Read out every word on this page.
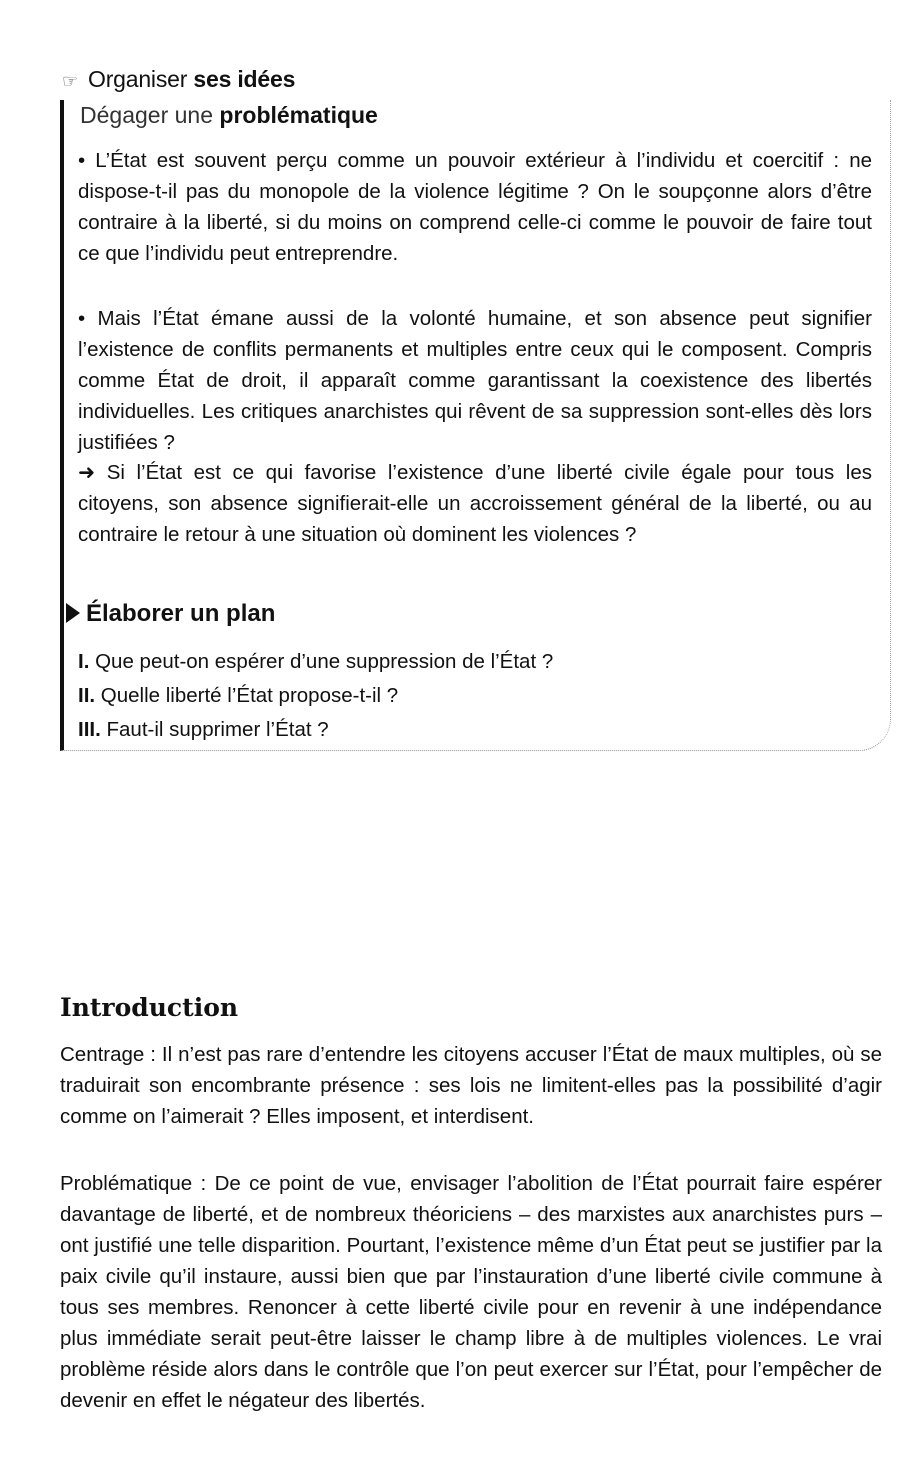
☞ Organiser ses idées
Dégager une problématique

• L’État est souvent perçu comme un pouvoir extérieur à l’individu et coercitif : ne dispose-t-il pas du monopole de la violence légitime ? On le soupçonne alors d’être contraire à la liberté, si du moins on comprend celle-ci comme le pouvoir de faire tout ce que l’individu peut entreprendre.

• Mais l’État émane aussi de la volonté humaine, et son absence peut signifier l’existence de conflits permanents et multiples entre ceux qui le composent. Compris comme État de droit, il apparaît comme garantissant la coexistence des libertés individuelles. Les critiques anarchistes qui rêvent de sa suppression sont-elles dès lors justifiées ?

➜ Si l’État est ce qui favorise l’existence d’une liberté civile égale pour tous les citoyens, son absence signifierait-elle un accroissement général de la liberté, ou au contraire le retour à une situation où dominent les violences ?

Élaborer un plan
I. Que peut-on espérer d’une suppression de l’État ?
II. Quelle liberté l’État propose-t-il ?
III. Faut-il supprimer l’État ?
Introduction

Centrage : Il n’est pas rare d’entendre les citoyens accuser l’État de maux multiples, où se traduirait son encombrante présence : ses lois ne limitent-elles pas la possibilité d’agir comme on l’aimerait ? Elles imposent, et interdisent.

Problématique : De ce point de vue, envisager l’abolition de l’État pourrait faire espérer davantage de liberté, et de nombreux théoriciens – des marxistes aux anarchistes purs – ont justifié une telle disparition. Pourtant, l’existence même d’un État peut se justifier par la paix civile qu’il instaure, aussi bien que par l’instauration d’une liberté civile commune à tous ses membres. Renoncer à cette liberté civile pour en revenir à une indépendance plus immédiate serait peut-être laisser le champ libre à de multiples violences. Le vrai problème réside alors dans le contrôle que l’on peut exercer sur l’État, pour l’empêcher de devenir en effet le négateur des libertés.
